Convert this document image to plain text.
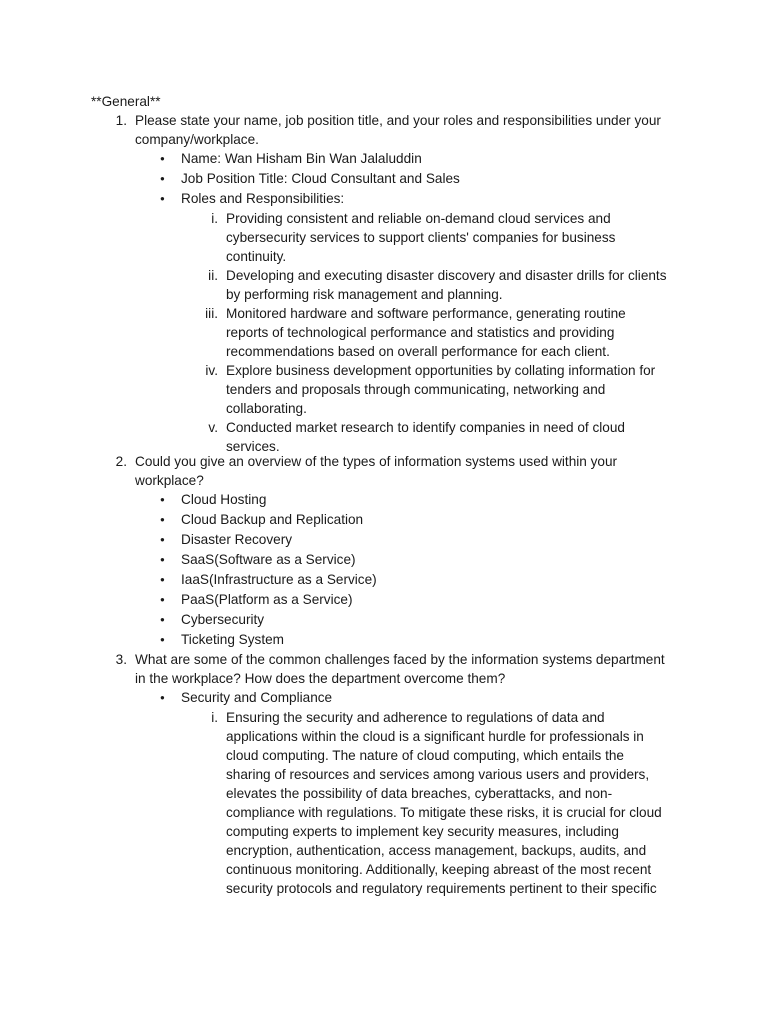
**General**
1. Please state your name, job position title, and your roles and responsibilities under your
company/workplace.
● Name: Wan Hisham Bin Wan Jalaluddin
● Job Position Title: Cloud Consultant and Sales
● Roles and Responsibilities:
i. Providing consistent and reliable on-demand cloud services and
cybersecurity services to support clients' companies for business
continuity.
ii. Developing and executing disaster discovery and disaster drills for clients
by performing risk management and planning.
iii. Monitored hardware and software performance, generating routine
reports of technological performance and statistics and providing
recommendations based on overall performance for each client.
iv. Explore business development opportunities by collating information for
tenders and proposals through communicating, networking and
collaborating.
v. Conducted market research to identify companies in need of cloud
services.
2. Could you give an overview of the types of information systems used within your
workplace?
● Cloud Hosting
● Cloud Backup and Replication
● Disaster Recovery
● SaaS(Software as a Service)
● IaaS(Infrastructure as a Service)
● PaaS(Platform as a Service)
● Cybersecurity
● Ticketing System
3. What are some of the common challenges faced by the information systems department
in the workplace? How does the department overcome them?
● Security and Compliance
i. Ensuring the security and adherence to regulations of data and
applications within the cloud is a significant hurdle for professionals in
cloud computing. The nature of cloud computing, which entails the
sharing of resources and services among various users and providers,
elevates the possibility of data breaches, cyberattacks, and non-
compliance with regulations. To mitigate these risks, it is crucial for cloud
computing experts to implement key security measures, including
encryption, authentication, access management, backups, audits, and
continuous monitoring. Additionally, keeping abreast of the most recent
security protocols and regulatory requirements pertinent to their specific
